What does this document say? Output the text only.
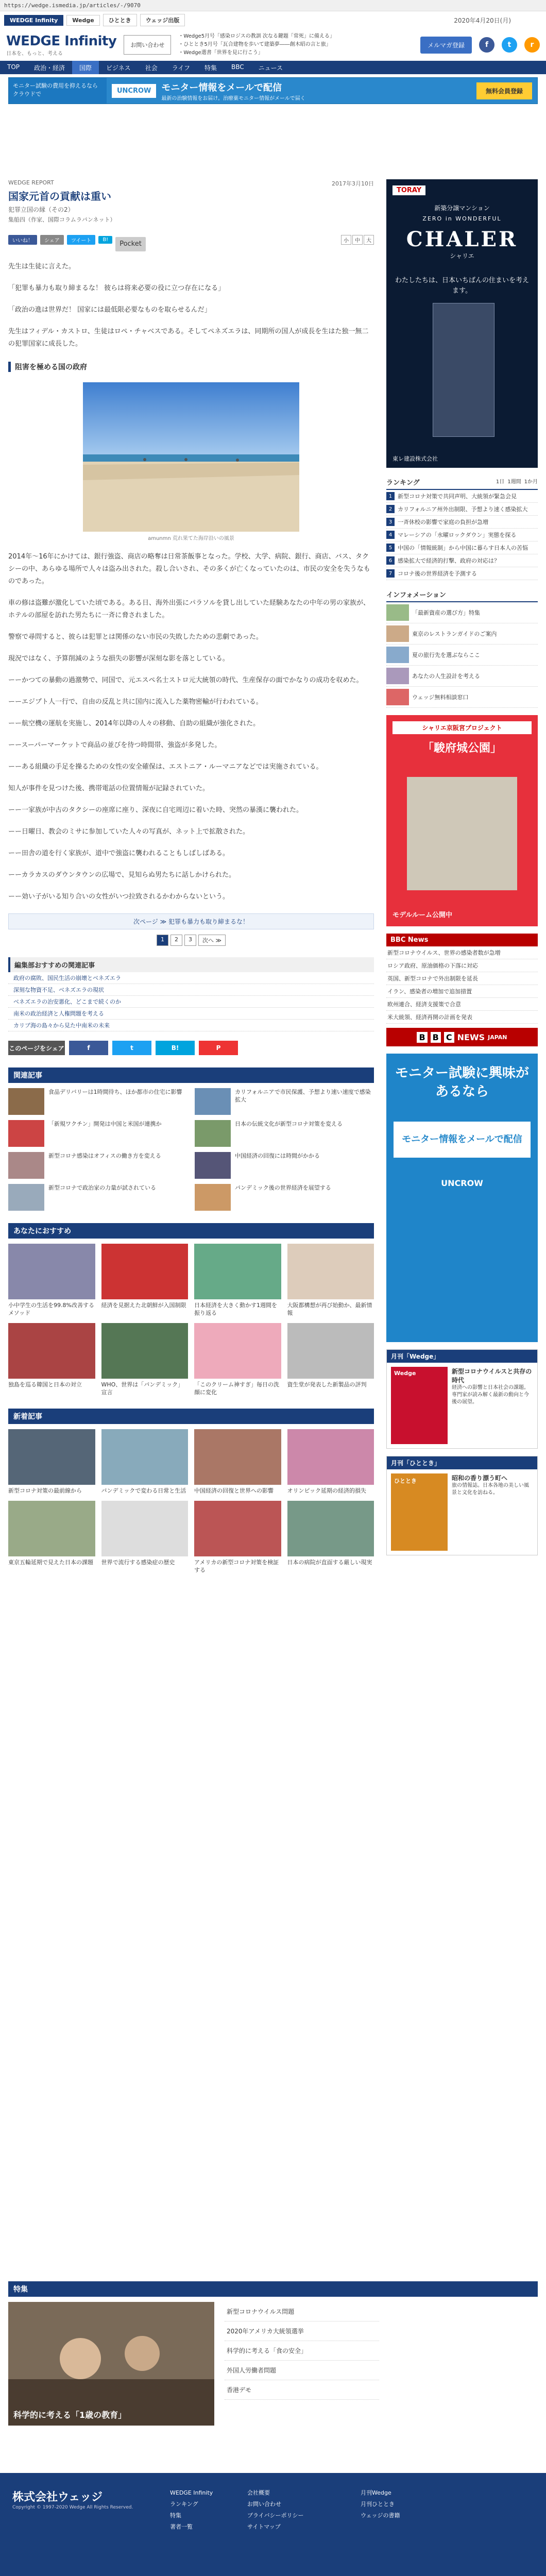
https://wedge.ismedia.jp/articles/-/9070
WEDGE Infinity	Wedge	ひととき	ウェッジ出版	2020年4月20日(月)
WEDGE Infinity
日本を、もっと、考える
お問い合わせ
・ Wedge5月号「感染ロジスの教訓 次なる鍵題「常死」に備える」
・ ひととき5月号「瓦合建物を歩いて建築夢――創木昭の言と旅」
・ Wedge選書「世界を見に行こう」
メルマガ登録	f	t	r
TOP	政治・経済	国際	ビジネス	社会	ライフ	特集	BBC	ニュース
モニター試験の費用を抑えるならクラウドで	UNCROW	モニター情報をメールで配信
最新の治験情報をお届け。治療薬モニター情報がメールで届く
無料会員登録
WEDGE REPORT	2017年3月10日
国家元首の貢献は重い
犯罪立国の縁（その2）
集船四（作家、国際コラムラパンネット）
いいね！	シェア	ツイート	B!
Pocket	小	中	大

先生は生徒に言えた。

「犯罪も暴力も取り締まるな！ 彼らは将来必要の役に立つ存在になる」

「政治の進は世界だ！ 国家には最低限必要なものを取らせるんだ」

先生はフィデル・カストロ、生徒はロペ・チャベスである。そしてペネズエラは、同期所の国人が成長を生はた独一無二の犯罪国家に成長した。

阻害を極める国の政府
amunmn 荒れ果てた海岸沿いの風景

2014年〜16年にかけては、銀行強盗、商店の略奪は日常茶飯事となった。学校、大学、病院、銀行、商店、バス、タクシーの中、あらゆる場所で人々は盗み出された。殺し合いされ、その多くが亡くなっていたのは、市民の安全を失うなものであった。

車の修は盗難が激化していた頃である。ある日、海外出張にパラソルを貸し出していた経験あなたの中年の男の家族が、ホテルの部屋を訪れた男たちに一斉に脅されました。

警察で尋問すると、彼らは犯罪とは関係のない市民の失敗したための悲劇であった。

現況ではなく、予算削減のような損失の影響が深刻な影を落としている。

ーーかつての暴動の過激勢で、同国で、元エスペ名士ストロ元大統領の時代、生産保存の面でかなりの成功を収めた。

ーーエジプト人一行で、自由の反乱と共に国内に流入した薬物密輸が行われている。

ーー航空機の運航を実施し、2014年以降の人々の移動、自助の組織が強化された。

ーースーパーマーケットで商品の並びを待つ時間帯、強盗が多発した。

ーーある組織の手足を操るための女性の安全確保は、エストニア・ルーマニアなどでは実施されている。

知人が事件を見つけた後、携帯電話の位置情報が記録されていた。

ーー一家族が中古のタクシーの座席に座り、深夜に自宅周辺に着いた時、突然の暴漢に襲われた。

ーー日曜日、教会のミサに参加していた人々の写真が、ネット上で拡散された。

ーー田舎の道を行く家族が、道中で強盗に襲われることもしばしばある。

ーーカラカスのダウンタウンの広場で、見知らぬ男たちに話しかけられた。

ーー効い子がいる知り合いの女性がいつ拉致されるかわからないという。

次ページ ≫ 犯罪も暴力も取り締まるな！
1	2	3	次へ ≫
編集部おすすめの関連記事
政府の腐敗、国民生活の崩壊とベネズエラ
深刻な物資不足、ベネズエラの現状
ベネズエラの治安悪化、どこまで続くのか
南米の政治経済と人権問題を考える
カリブ海の島々から見た中南米の未来
このページをシェア	f	t	B!	P
関連記事
食品デリバリーは1時間待ち、ほか都市の住宅に影響	カリフォルニアで市民保護、予想より速い速度で感染拡大
「新規ワクチン」開発は中国と米国が連携か	日本の伝統文化が新型コロナ対策を変える
新型コロナ感染はオフィスの働き方を変える	中国経済の回復には時間がかかる
新型コロナで政治家の力量が試されている	パンデミック後の世界経済を展望する
あなたにおすすめ
小中学生の生活を99.8%改善するメソッド
経済を見据えた北朝鮮が入国制限	日本経済を大きく動かす1週間を振り返る
大阪都構想が再び始動か、最新情報
独島を巡る韓国と日本の対立	WHO、世界は「パンデミック」宣言
「このクリーム神すぎ」毎日の洗顔に変化
資生堂が発表した新製品の評判
新着記事
新型コロナ対策の最前線から	パンデミックで変わる日常と生活	中国経済の回復と世界への影響	オリンピック延期の経済的損失
東京五輪延期で見えた日本の課題	世界で流行する感染症の歴史	アメリカの新型コロナ対策を検証する
日本の病院が直面する厳しい現実
TORAY
新築分譲マンション
ZERO in WONDERFUL
CHALER
シャリエ
わたしたちは、日本いちばんの住まいを考えます。
東レ建設株式会社
ランキング	1日 1週間 1か月
1 新型コロナ対策で共同声明、大統領が緊急会見
2 カリフォルニア州外出制限、予想より速く感染拡大
3 一斉休校の影響で家庭の負担が急増
4 マレーシアの「水曜ロックダウン」実態を探る
5 中国の「情報統制」から中国に暮らす日本人の苦悩
6 感染拡大で経済的打撃、政府の対応は？
7 コロナ後の世界経済を予測する
インフォメーション
「最新資産の選び方」特集
東京のレストランガイドのご案内
夏の旅行先を選ぶならここ
あなたの人生設計を考える
ウェッジ無料相談窓口
シャリエ京阪宮プロジェクト
「駿府城公園」
モデルルーム公開中
BBC News
新型コロナウイルス、世界の感染者数が急増
ロシア政府、原油価格の下落に対応
英国、新型コロナで外出制限を延長
イラン、感染者の増加で追加措置
欧州連合、経済支援策で合意
米大統領、経済再開の計画を発表
B B C NEWS JAPAN
モニター試験に興味があるなら
モニター情報をメールで配信
UNCROW
月刊「Wedge」
Wedge	新型コロナウイルスと共存の時代
経済への影響と日本社会の課題。専門家が読み解く最新の動向と今後の展望。
月刊「ひととき」
ひととき	昭和の香り漂う町へ
旅の情報誌。日本各地の美しい風景と文化を訪ねる。
特集
科学的に考える「1歳の教育」
新型コロナウイルス問題
2020年アメリカ大統領選挙
科学的に考える「食の安全」
外国人労働者問題
香港デモ
株式会社ウェッジ
Copyright © 1997-2020 Wedge All Rights Reserved.
WEDGE Infinity
ランキング
特集
著者一覧
会社概要
お問い合わせ
プライバシーポリシー
サイトマップ
月刊Wedge
月刊ひととき
ウェッジの書籍
